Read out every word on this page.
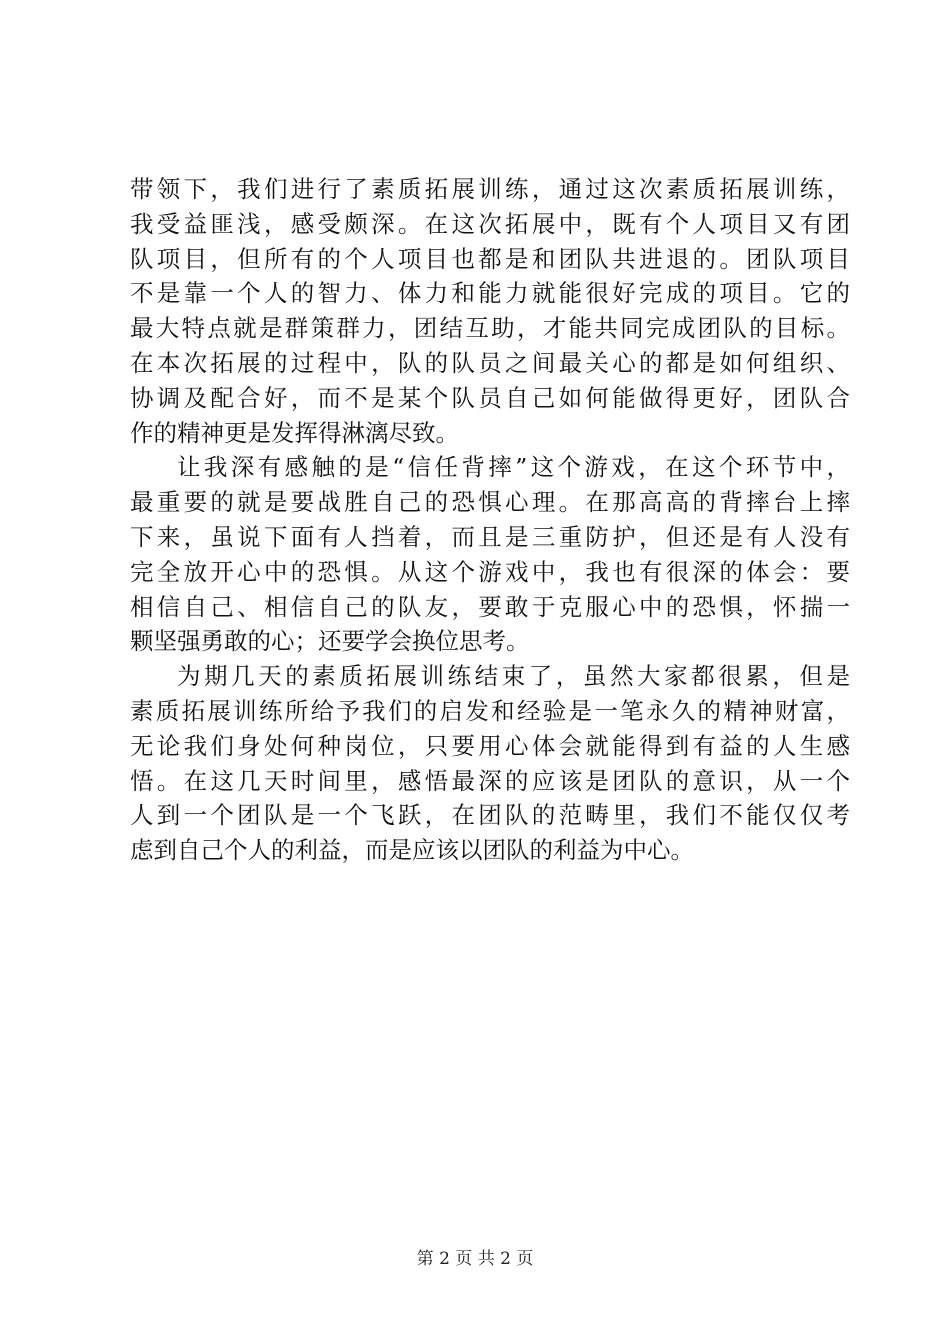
带领下，我们进行了素质拓展训练，通过这次素质拓展训练，
我受益匪浅，感受颇深。在这次拓展中，既有个人项目又有团
队项目，但所有的个人项目也都是和团队共进退的。团队项目
不是靠一个人的智力、体力和能力就能很好完成的项目。它的
最大特点就是群策群力，团结互助，才能共同完成团队的目标。
在本次拓展的过程中，队的队员之间最关心的都是如何组织、
协调及配合好，而不是某个队员自己如何能做得更好，团队合
作的精神更是发挥得淋漓尽致。
让我深有感触的是“信任背摔”这个游戏，在这个环节中，
最重要的就是要战胜自己的恐惧心理。在那高高的背摔台上摔
下来，虽说下面有人挡着，而且是三重防护，但还是有人没有
完全放开心中的恐惧。从这个游戏中，我也有很深的体会：要
相信自己、相信自己的队友，要敢于克服心中的恐惧，怀揣一
颗坚强勇敢的心；还要学会换位思考。
为期几天的素质拓展训练结束了，虽然大家都很累，但是
素质拓展训练所给予我们的启发和经验是一笔永久的精神财富，
无论我们身处何种岗位，只要用心体会就能得到有益的人生感
悟。在这几天时间里，感悟最深的应该是团队的意识，从一个
人到一个团队是一个飞跃，在团队的范畴里，我们不能仅仅考
虑到自己个人的利益，而是应该以团队的利益为中心。
第 2 页 共 2 页
